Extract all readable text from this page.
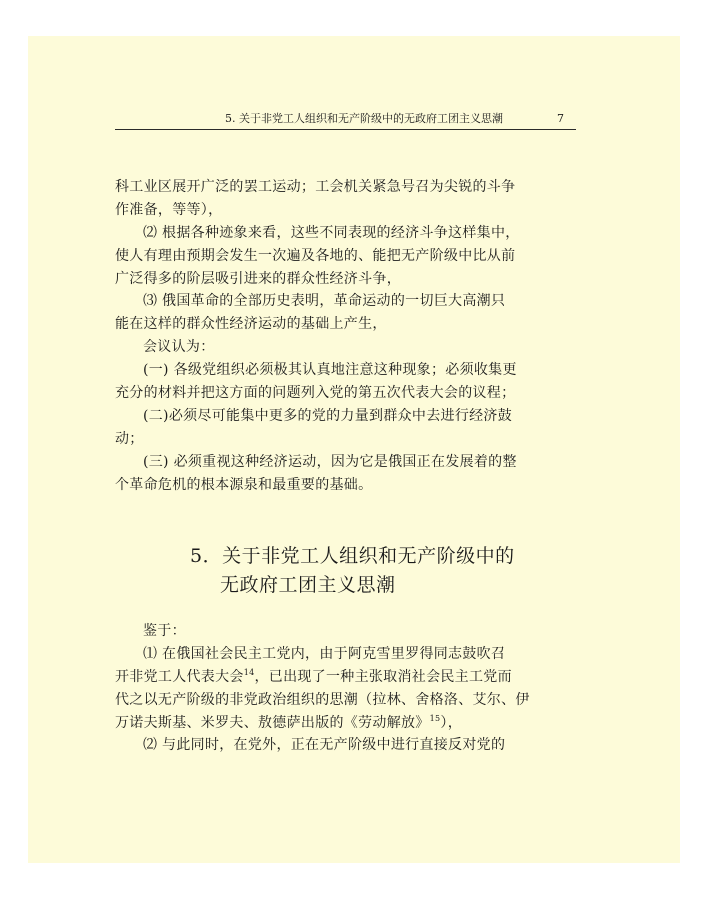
5. 关于非党工人组织和无产阶级中的无政府工团主义思潮	7
科工业区展开广泛的罢工运动；工会机关紧急号召为尖锐的斗争
作准备，等等），
⑵ 根据各种迹象来看，这些不同表现的经济斗争这样集中，
使人有理由预期会发生一次遍及各地的、能把无产阶级中比从前
广泛得多的阶层吸引进来的群众性经济斗争，
⑶ 俄国革命的全部历史表明，革命运动的一切巨大高潮只
能在这样的群众性经济运动的基础上产生，
会议认为：
(一) 各级党组织必须极其认真地注意这种现象；必须收集更
充分的材料并把这方面的问题列入党的第五次代表大会的议程；
(二)必须尽可能集中更多的党的力量到群众中去进行经济鼓
动；
(三) 必须重视这种经济运动，因为它是俄国正在发展着的整
个革命危机的根本源泉和最重要的基础。
5．关于非党工人组织和无产阶级中的
无政府工团主义思潮
鉴于：
⑴ 在俄国社会民主工党内，由于阿克雪里罗得同志鼓吹召
开非党工人代表大会$^{14}$，已出现了一种主张取消社会民主工党而
代之以无产阶级的非党政治组织的思潮（拉林、舍格洛、艾尔、伊
万诺夫斯基、米罗夫、敖德萨出版的《劳动解放》$^{15}$），
⑵ 与此同时，在党外，正在无产阶级中进行直接反对党的
